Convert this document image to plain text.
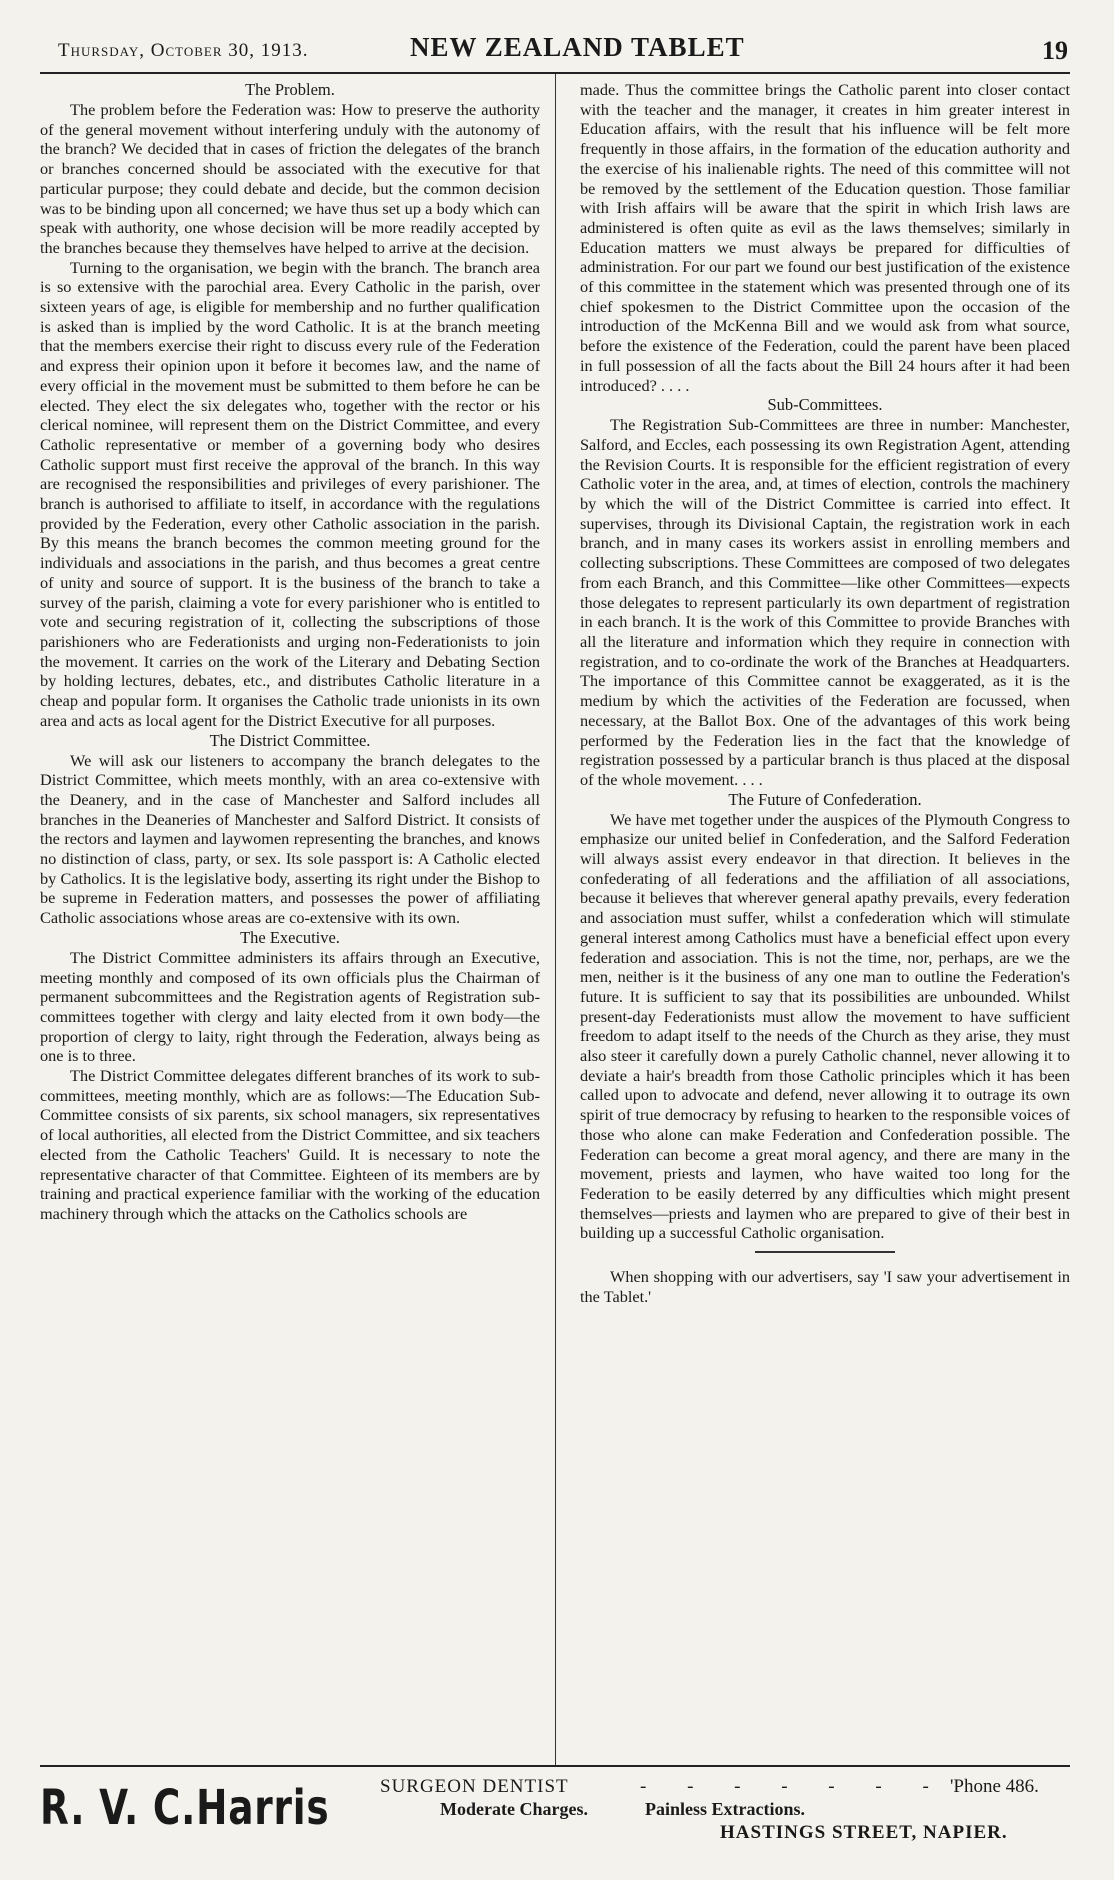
Thursday, October 30, 1913.	NEW ZEALAND TABLET	19
The Problem.

The problem before the Federation was: How to preserve the authority of the general movement without interfering unduly with the autonomy of the branch? We decided that in cases of friction the delegates of the branch or branches concerned should be associated with the executive for that particular purpose; they could debate and decide, but the common decision was to be binding upon all concerned; we have thus set up a body which can speak with authority, one whose decision will be more readily accepted by the branches because they themselves have helped to arrive at the decision.

Turning to the organisation, we begin with the branch. The branch area is so extensive with the parochial area. Every Catholic in the parish, over sixteen years of age, is eligible for membership and no further qualification is asked than is implied by the word Catholic. It is at the branch meeting that the members exercise their right to discuss every rule of the Federation and express their opinion upon it before it becomes law, and the name of every official in the movement must be submitted to them before he can be elected. They elect the six delegates who, together with the rector or his clerical nominee, will represent them on the District Committee, and every Catholic representative or member of a governing body who desires Catholic support must first receive the approval of the branch. In this way are recognised the responsibilities and privileges of every parishioner. The branch is authorised to affiliate to itself, in accordance with the regulations provided by the Federation, every other Catholic association in the parish. By this means the branch becomes the common meeting ground for the individuals and associations in the parish, and thus becomes a great centre of unity and source of support. It is the business of the branch to take a survey of the parish, claiming a vote for every parishioner who is entitled to vote and securing registration of it, collecting the subscriptions of those parishioners who are Federationists and urging non-Federationists to join the movement. It carries on the work of the Literary and Debating Section by holding lectures, debates, etc., and distributes Catholic literature in a cheap and popular form. It organises the Catholic trade unionists in its own area and acts as local agent for the District Executive for all purposes.

The District Committee.

We will ask our listeners to accompany the branch delegates to the District Committee, which meets monthly, with an area co-extensive with the Deanery, and in the case of Manchester and Salford includes all branches in the Deaneries of Manchester and Salford District. It consists of the rectors and laymen and laywomen representing the branches, and knows no distinction of class, party, or sex. Its sole passport is: A Catholic elected by Catholics. It is the legislative body, asserting its right under the Bishop to be supreme in Federation matters, and possesses the power of affiliating Catholic associations whose areas are co-extensive with its own.

The Executive.

The District Committee administers its affairs through an Executive, meeting monthly and composed of its own officials plus the Chairman of permanent subcommittees and the Registration agents of Registration sub-committees together with clergy and laity elected from it own body—the proportion of clergy to laity, right through the Federation, always being as one is to three.

The District Committee delegates different branches of its work to sub-committees, meeting monthly, which are as follows:—The Education Sub-Committee consists of six parents, six school managers, six representatives of local authorities, all elected from the District Committee, and six teachers elected from the Catholic Teachers' Guild. It is necessary to note the representative character of that Committee. Eighteen of its members are by training and practical experience familiar with the working of the education machinery through which the attacks on the Catholics schools are

made. Thus the committee brings the Catholic parent into closer contact with the teacher and the manager, it creates in him greater interest in Education affairs, with the result that his influence will be felt more frequently in those affairs, in the formation of the education authority and the exercise of his inalienable rights. The need of this committee will not be removed by the settlement of the Education question. Those familiar with Irish affairs will be aware that the spirit in which Irish laws are administered is often quite as evil as the laws themselves; similarly in Education matters we must always be prepared for difficulties of administration. For our part we found our best justification of the existence of this committee in the statement which was presented through one of its chief spokesmen to the District Committee upon the occasion of the introduction of the McKenna Bill and we would ask from what source, before the existence of the Federation, could the parent have been placed in full possession of all the facts about the Bill 24 hours after it had been introduced? . . . .

Sub-Committees.

The Registration Sub-Committees are three in number: Manchester, Salford, and Eccles, each possessing its own Registration Agent, attending the Revision Courts. It is responsible for the efficient registration of every Catholic voter in the area, and, at times of election, controls the machinery by which the will of the District Committee is carried into effect. It supervises, through its Divisional Captain, the registration work in each branch, and in many cases its workers assist in enrolling members and collecting subscriptions. These Committees are composed of two delegates from each Branch, and this Committee—like other Committees—expects those delegates to represent particularly its own department of registration in each branch. It is the work of this Committee to provide Branches with all the literature and information which they require in connection with registration, and to co-ordinate the work of the Branches at Headquarters. The importance of this Committee cannot be exaggerated, as it is the medium by which the activities of the Federation are focussed, when necessary, at the Ballot Box. One of the advantages of this work being performed by the Federation lies in the fact that the knowledge of registration possessed by a particular branch is thus placed at the disposal of the whole movement. . . .

The Future of Confederation.

We have met together under the auspices of the Plymouth Congress to emphasize our united belief in Confederation, and the Salford Federation will always assist every endeavor in that direction. It believes in the confederating of all federations and the affiliation of all associations, because it believes that wherever general apathy prevails, every federation and association must suffer, whilst a confederation which will stimulate general interest among Catholics must have a beneficial effect upon every federation and association. This is not the time, nor, perhaps, are we the men, neither is it the business of any one man to outline the Federation's future. It is sufficient to say that its possibilities are unbounded. Whilst present-day Federationists must allow the movement to have sufficient freedom to adapt itself to the needs of the Church as they arise, they must also steer it carefully down a purely Catholic channel, never allowing it to deviate a hair's breadth from those Catholic principles which it has been called upon to advocate and defend, never allowing it to outrage its own spirit of true democracy by refusing to hearken to the responsible voices of those who alone can make Federation and Confederation possible. The Federation can become a great moral agency, and there are many in the movement, priests and laymen, who have waited too long for the Federation to be easily deterred by any difficulties which might present themselves—priests and laymen who are prepared to give of their best in building up a successful Catholic organisation.

When shopping with our advertisers, say 'I saw your advertisement in the Tablet.'

R. V. C.Harris	SURGEON DENTIST	- - - - - - - 'Phone 486.
Moderate Charges.	Painless Extractions.
HASTINGS STREET, NAPIER.
